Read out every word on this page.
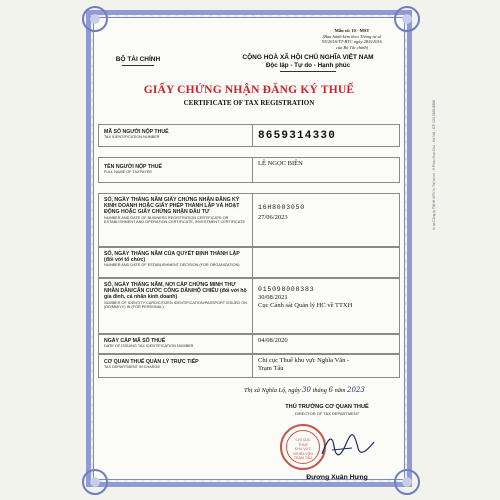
Mẫu số: 10 - MST
(Ban hành kèm theo Thông tư số
95/2016/TT-BTC ngày 28/6/2016
của Bộ Tài chính)
BỘ TÀI CHÍNH	CỘNG HOÀ XÃ HỘI CHỦ NGHĨA VIỆT NAM
Độc lập - Tự do - Hạnh phúc
GIẤY CHỨNG NHẬN ĐĂNG KÝ THUẾ
CERTIFICATE OF TAX REGISTRATION
MÃ SỐ NGƯỜI NỘP THUẾ
TAX IDENTIFICATION NUMBER	8659314330
TÊN NGƯỜI NỘP THUẾ
FULL NAME OF TAXPAYER
LÊ NGỌC BIÊN
SỐ, NGÀY THÁNG NĂM GIẤY CHỨNG NHẬN ĐĂNG KÝ KINH DOANH HOẶC GIẤY PHÉP THÀNH LẬP VÀ HOẠT ĐỘNG HOẶC GIẤY CHỨNG NHẬN ĐẦU TƯ
NUMBER AND DATE OF BUSINESS REGISTRATION CERTIFICATE OR ESTABLISHMENT AND OPERATION CERTIFICATE, INVESTMENT CERTIFICATE
16H8003050
27/06/2023
SỐ, NGÀY THÁNG NĂM CỦA QUYẾT ĐỊNH THÀNH LẬP (đối với tổ chức)
NUMBER AND DATE OF ESTABLISHMENT DECISION (FOR ORGANIZATION)
SỐ, NGÀY THÁNG NĂM, NƠI CẤP CHỨNG MINH THƯ NHÂN DÂN/CĂN CƯỚC CÔNG DÂN/HỘ CHIẾU (đối với hộ gia đình, cá nhân kinh doanh)
NUMBER OF IDENTITY CARD/CITIZEN IDENTIFICATION/PASSPORT ISSUED ON (DD/MM/YY) IN (FOR PERSONAL)
015098008383
30/08/2021
Cục Cảnh sát Quản lý HC về TTXH
NGÀY CẤP MÃ SỐ THUẾ
DATE OF ISSUING TAX IDENTIFICATION NUMBER
04/08/2020
CƠ QUAN THUẾ QUẢN LÝ TRỰC TIẾP
TAX DEPARTMENT IN CHARGE
Chi cục Thuế khu vực Nghĩa Văn -
Trạm Tấu
Thị xã Nghĩa Lộ, ngày 30 tháng 6 năm 2023
THỦ TRƯỞNG CƠ QUAN THUẾ
DIRECTOR OF TAX DEPARTMENT
CHI CỤC
THUẾ
KHU VỰC
NGHĨA VĂN
TRẠM TẤU
Đương Xuân Hưng
In tại Công ty TNHH MTV In Tài chính - 5 Phan Huy Chú - Hà Nội - ĐT: 024.3826.8888
